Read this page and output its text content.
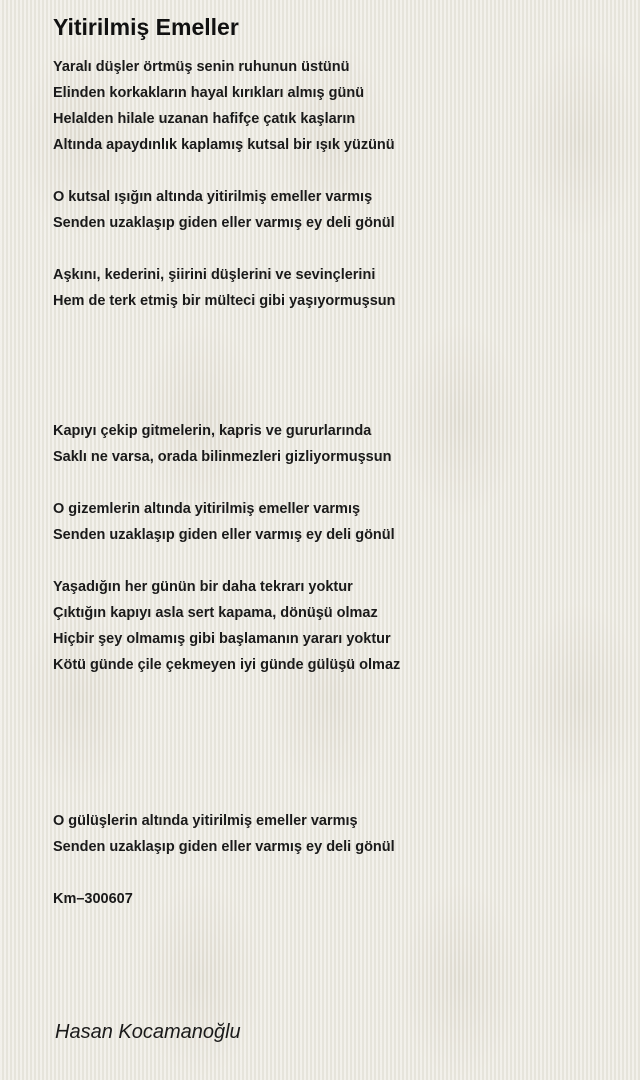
Yitirilmiş Emeller
Yaralı düşler örtmüş senin ruhunun üstünü
Elinden korkakların hayal kırıkları almış günü
Helalden hilale uzanan hafifçe çatık kaşların
Altında apaydınlık kaplamış kutsal bir ışık yüzünü
O kutsal ışığın altında yitirilmiş emeller varmış
Senden uzaklaşıp giden eller varmış ey deli gönül
Aşkını, kederini, şiirini düşlerini ve sevinçlerini
Hem de terk etmiş bir mülteci gibi yaşıyormuşsun
Kapıyı çekip gitmelerin, kapris ve gururlarında
Saklı ne varsa, orada bilinmezleri gizliyormuşsun
O gizemlerin altında yitirilmiş emeller varmış
Senden uzaklaşıp giden eller varmış ey deli gönül
Yaşadığın her günün bir daha tekrarı yoktur
Çıktığın kapıyı asla sert kapama, dönüşü olmaz
Hiçbir şey olmamış gibi başlamanın yararı yoktur
Kötü günde çile çekmeyen iyi günde gülüşü olmaz
O gülüşlerin altında yitirilmiş emeller varmış
Senden uzaklaşıp giden eller varmış ey deli gönül
Km–300607
Hasan Kocamanoğlu
